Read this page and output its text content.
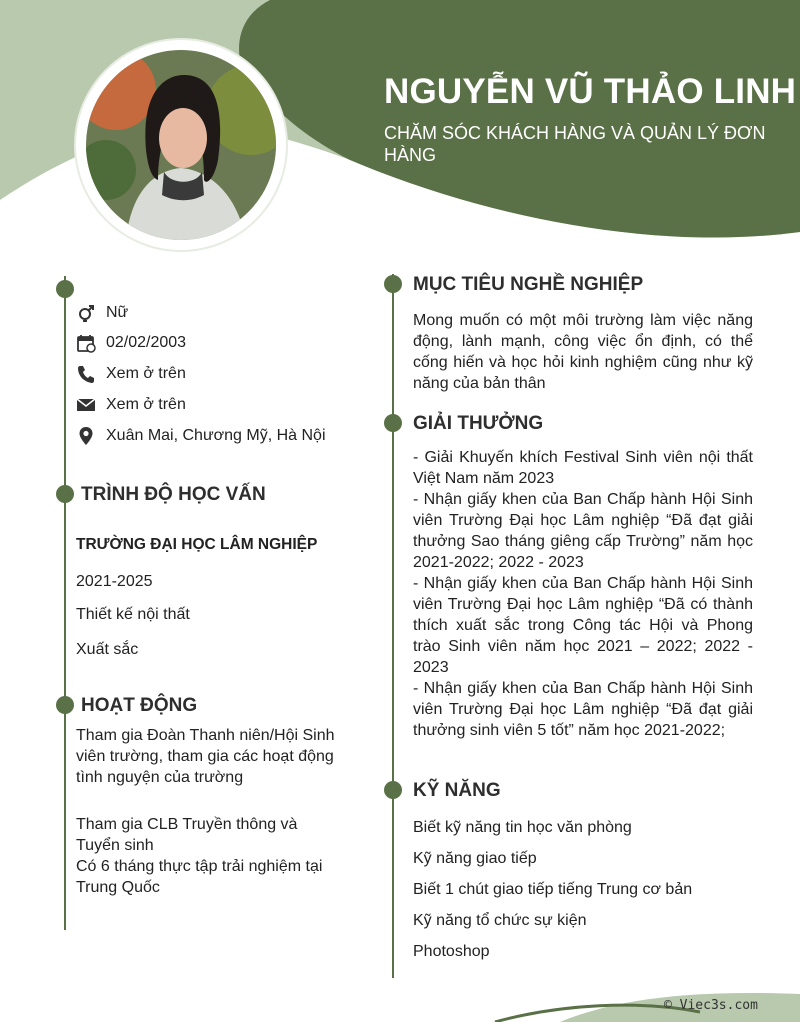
NGUYỄN VŨ THẢO LINH
CHĂM SÓC KHÁCH HÀNG VÀ QUẢN LÝ ĐƠN HÀNG
Nữ
02/02/2003
Xem ở trên
Xem ở trên
Xuân Mai, Chương Mỹ, Hà Nội
TRÌNH ĐỘ HỌC VẤN
TRƯỜNG ĐẠI HỌC LÂM NGHIỆP
2021-2025
Thiết kế nội thất
Xuất sắc
HOẠT ĐỘNG
Tham gia Đoàn Thanh niên/Hội Sinh viên trường, tham gia các hoạt động tình nguyện của trường
Tham gia CLB Truyền thông và Tuyển sinh
Có 6 tháng thực tập trải nghiệm tại Trung Quốc
MỤC TIÊU NGHỀ NGHIỆP
Mong muốn có một môi trường làm việc năng động, lành mạnh, công việc ổn định, có thể cống hiến và học hỏi kinh nghiệm cũng như kỹ năng của bản thân
GIẢI THƯỞNG
- Giải Khuyến khích Festival Sinh viên nội thất Việt Nam năm 2023
- Nhận giấy khen của Ban Chấp hành Hội Sinh viên Trường Đại học Lâm nghiệp “Đã đạt giải thưởng Sao tháng giêng cấp Trường” năm học 2021-2022; 2022 - 2023
- Nhận giấy khen của Ban Chấp hành Hội Sinh viên Trường Đại học Lâm nghiệp “Đã có thành thích xuất sắc trong Công tác Hội và Phong trào Sinh viên năm học 2021 – 2022; 2022 - 2023
- Nhận giấy khen của Ban Chấp hành Hội Sinh viên Trường Đại học Lâm nghiệp “Đã đạt giải thưởng sinh viên 5 tốt” năm học 2021-2022;
KỸ NĂNG
Biết kỹ năng tin học văn phòng
Kỹ năng giao tiếp
Biết 1 chút giao tiếp tiếng Trung cơ bản
Kỹ năng tổ chức sự kiện
Photoshop
© Viec3s.com
